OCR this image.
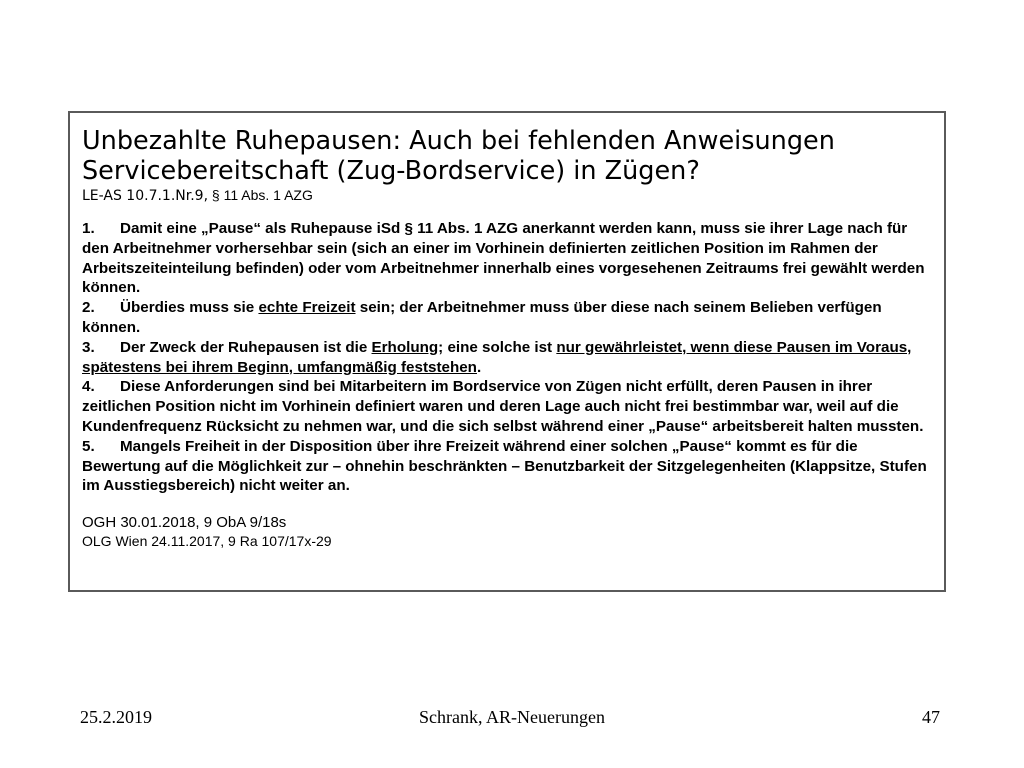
Unbezahlte Ruhepausen: Auch bei fehlenden Anweisungen
Servicebereitschaft (Zug-Bordservice) in Zügen?
LE-AS 10.7.1.Nr.9, § 11 Abs. 1 AZG
1. Damit eine „Pause“ als Ruhepause iSd § 11 Abs. 1 AZG anerkannt werden kann, muss sie ihrer Lage nach für den Arbeitnehmer vorhersehbar sein (sich an einer im Vorhinein definierten zeitlichen Position im Rahmen der Arbeitszeiteinteilung befinden) oder vom Arbeitnehmer innerhalb eines vorgesehenen Zeitraums frei gewählt werden können.
2. Überdies muss sie echte Freizeit sein; der Arbeitnehmer muss über diese nach seinem Belieben verfügen können.
3. Der Zweck der Ruhepausen ist die Erholung; eine solche ist nur gewährleistet, wenn diese Pausen im Voraus, spätestens bei ihrem Beginn, umfangmäßig feststehen.
4. Diese Anforderungen sind bei Mitarbeitern im Bordservice von Zügen nicht erfüllt, deren Pausen in ihrer zeitlichen Position nicht im Vorhinein definiert waren und deren Lage auch nicht frei bestimmbar war, weil auf die Kundenfrequenz Rücksicht zu nehmen war, und die sich selbst während einer „Pause“ arbeitsbereit halten mussten.
5. Mangels Freiheit in der Disposition über ihre Freizeit während einer solchen „Pause“ kommt es für die Bewertung auf die Möglichkeit zur – ohnehin beschränkten – Benutzbarkeit der Sitzgelegenheiten (Klappsitze, Stufen im Ausstiegsbereich) nicht weiter an.
OGH 30.01.2018, 9 ObA 9/18s
OLG Wien 24.11.2017, 9 Ra 107/17x-29
25.2.2019	Schrank, AR-Neuerungen	47
